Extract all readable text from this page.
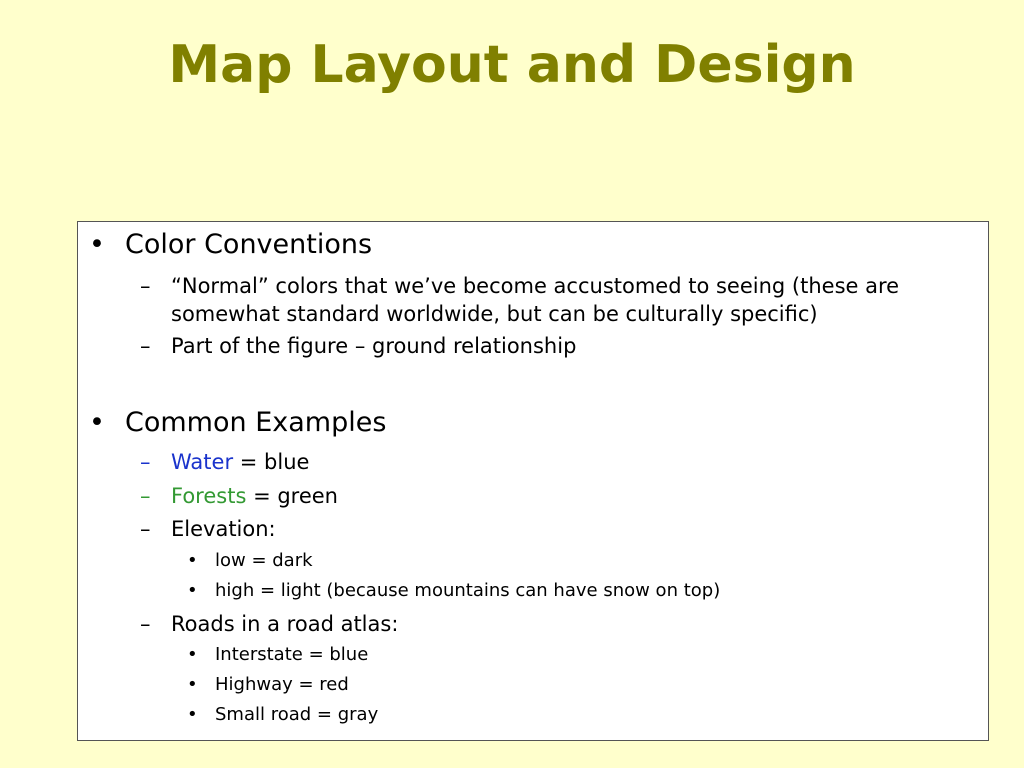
Map Layout and Design
• Color Conventions
– “Normal” colors that we’ve become accustomed to seeing (these are somewhat standard worldwide, but can be culturally specific)
– Part of the figure – ground relationship
• Common Examples
– Water = blue
– Forests = green
– Elevation:
• low = dark
• high = light (because mountains can have snow on top)
– Roads in a road atlas:
• Interstate = blue
• Highway = red
• Small road = gray
